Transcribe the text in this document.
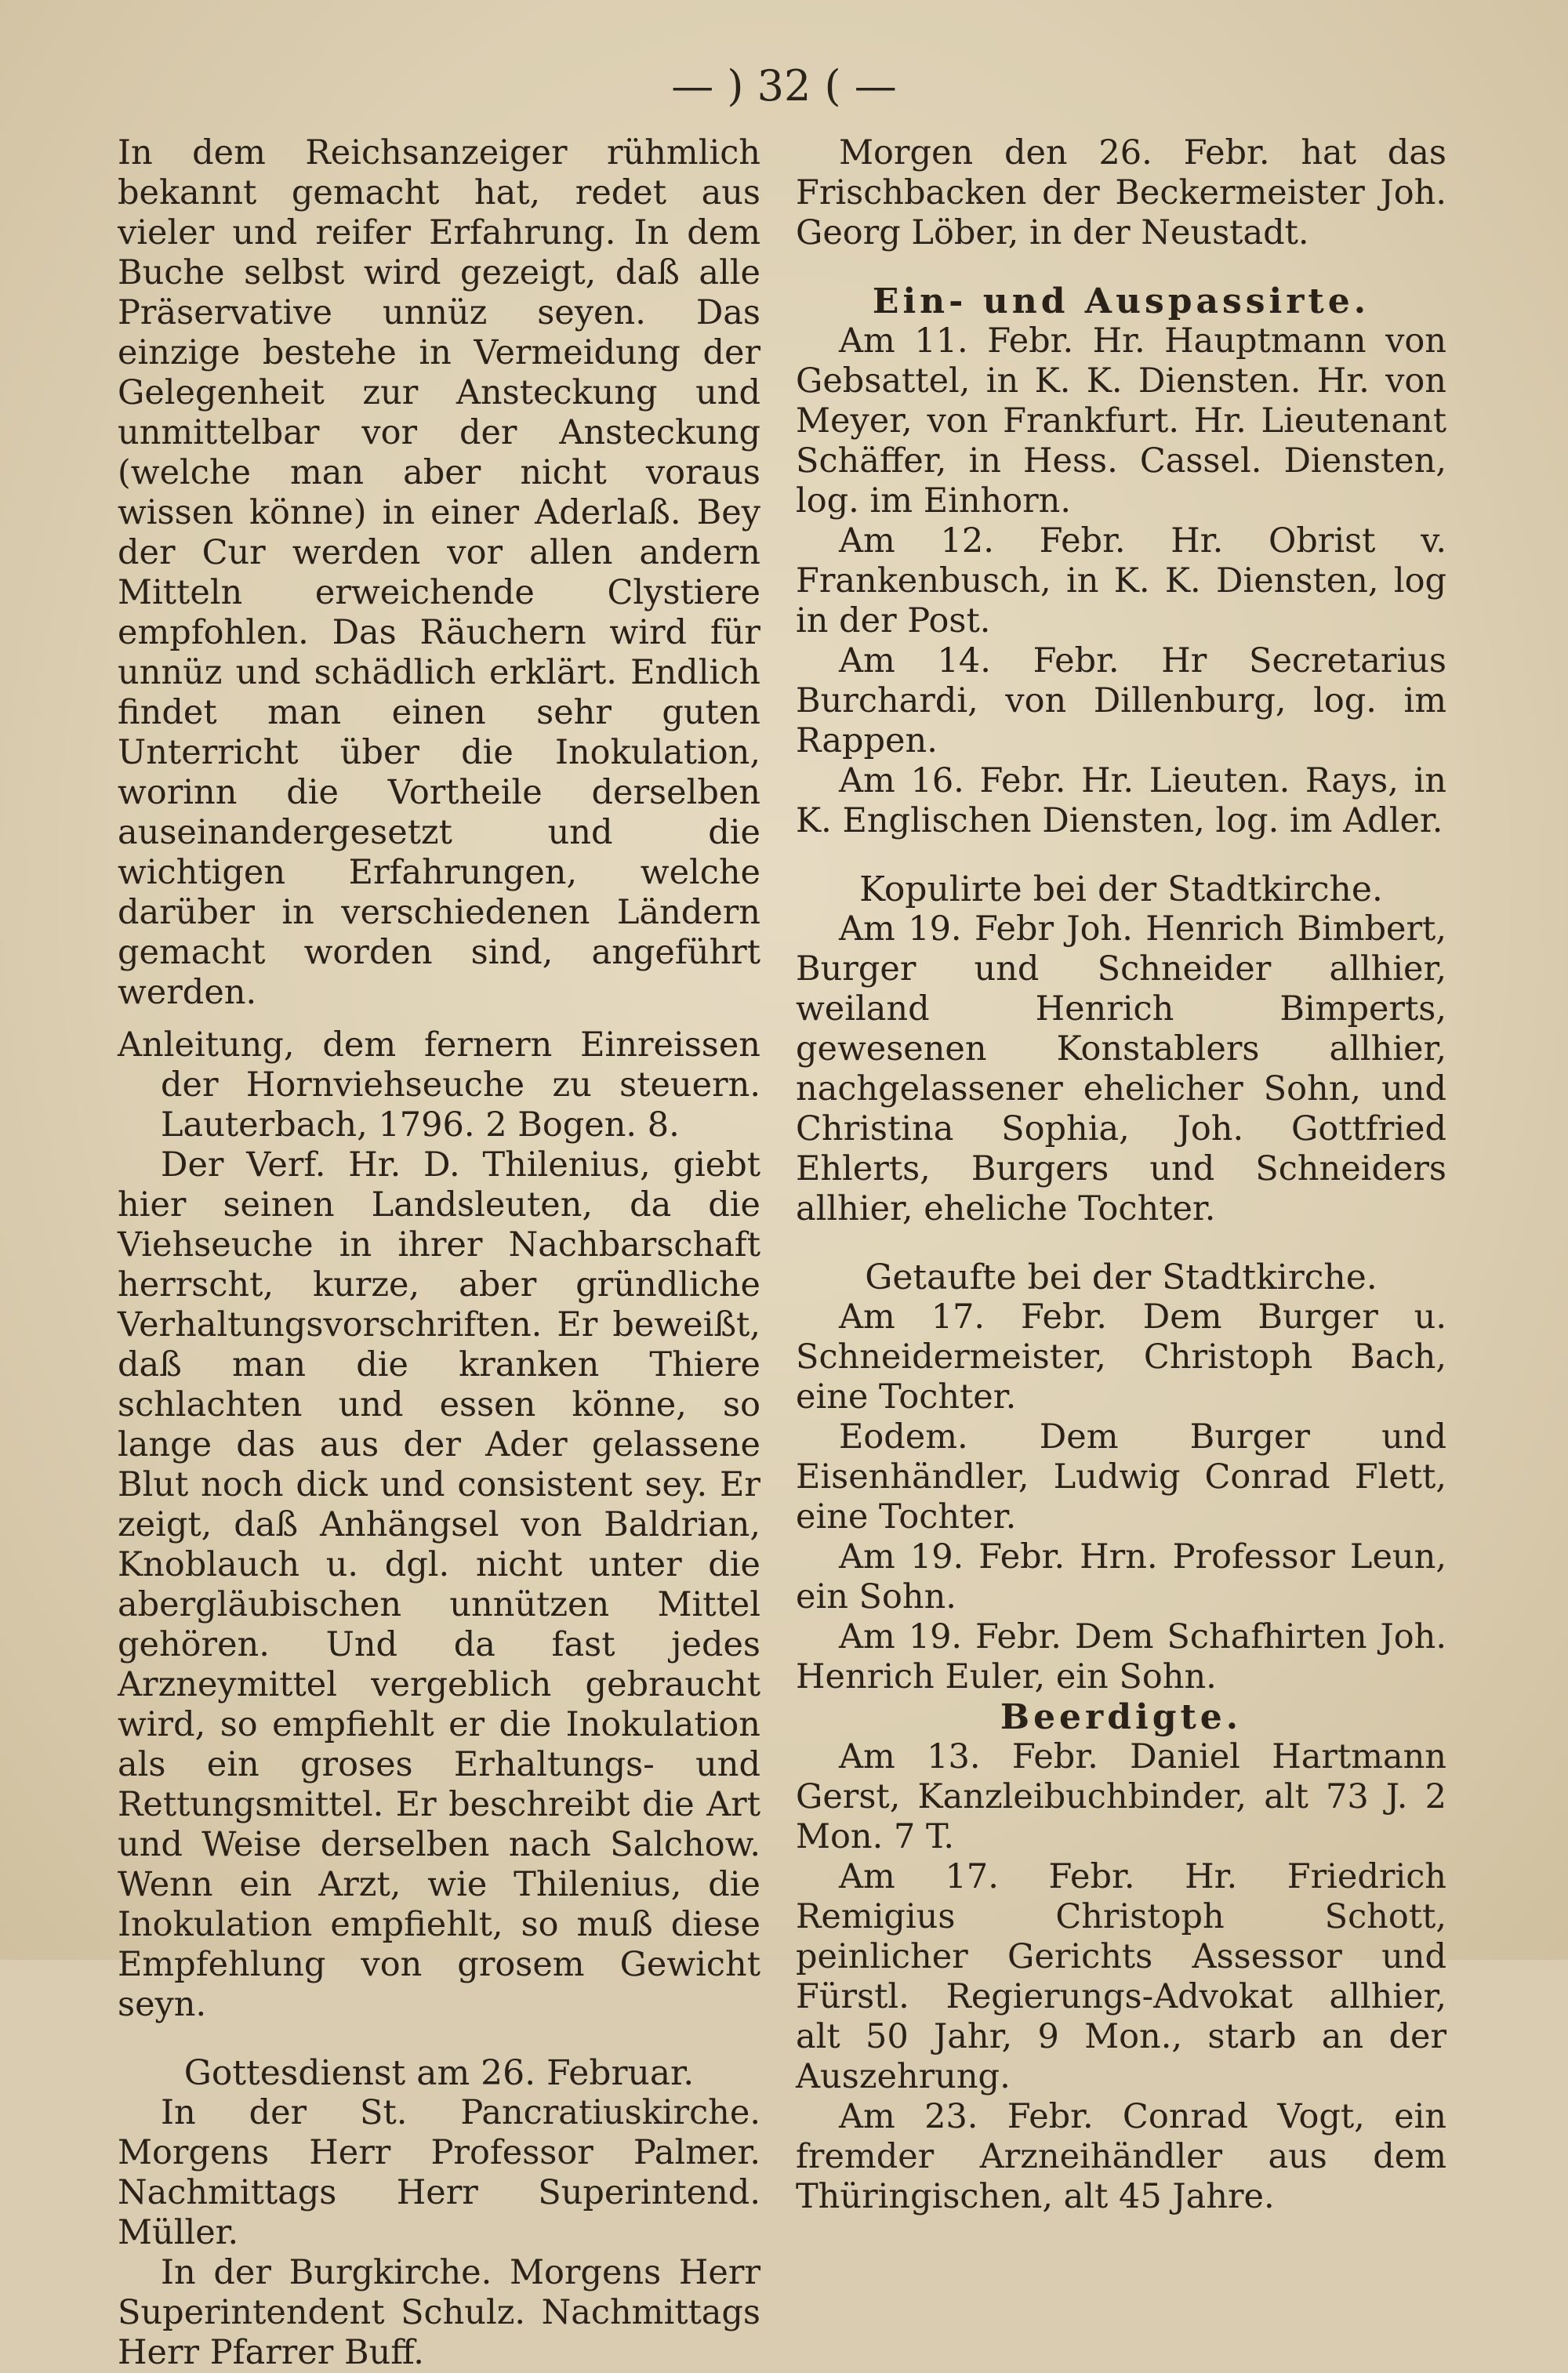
— ) 32 ( —

In dem Reichsanzeiger rühmlich bekannt gemacht hat, redet aus vieler und reifer Erfahrung. In dem Buche selbst wird gezeigt, daß alle Präservative unnüz seyen. Das einzige bestehe in Vermeidung der Gelegenheit zur Ansteckung und unmittelbar vor der Ansteckung (welche man aber nicht voraus wissen könne) in einer Aderlaß. Bey der Cur werden vor allen andern Mitteln erweichende Clystiere empfohlen. Das Räuchern wird für unnüz und schädlich erklärt. Endlich findet man einen sehr guten Unterricht über die Inokulation, worinn die Vortheile derselben auseinandergesetzt und die wichtigen Erfahrungen, welche darüber in verschiedenen Ländern gemacht worden sind, angeführt werden.

Anleitung, dem fernern Einreissen der Hornviehseuche zu steuern. Lauterbach, 1796. 2 Bogen. 8.

Der Verf. Hr. D. Thilenius, giebt hier seinen Landsleuten, da die Viehseuche in ihrer Nachbarschaft herrscht, kurze, aber gründliche Verhaltungsvorschriften. Er beweißt, daß man die kranken Thiere schlachten und essen könne, so lange das aus der Ader gelassene Blut noch dick und consistent sey. Er zeigt, daß Anhängsel von Baldrian, Knoblauch u. dgl. nicht unter die abergläubischen unnützen Mittel gehören. Und da fast jedes Arzneymittel vergeblich gebraucht wird, so empfiehlt er die Inokulation als ein groses Erhaltungs- und Rettungsmittel. Er beschreibt die Art und Weise derselben nach Salchow. Wenn ein Arzt, wie Thilenius, die Inokulation empfiehlt, so muß diese Empfehlung von grosem Gewicht seyn.

Gottesdienst am 26. Februar.

In der St. Pancratiuskirche. Morgens Herr Professor Palmer. Nachmittags Herr Superintend. Müller.

In der Burgkirche. Morgens Herr Superintendent Schulz. Nachmittags Herr Pfarrer Buff.

Morgen den 26. Febr. hat das Frischbacken der Beckermeister Joh. Georg Löber, in der Neustadt.

Ein- und Auspassirte.

Am 11. Febr. Hr. Hauptmann von Gebsattel, in K. K. Diensten. Hr. von Meyer, von Frankfurt. Hr. Lieutenant Schäffer, in Hess. Cassel. Diensten, log. im Einhorn.

Am 12. Febr. Hr. Obrist v. Frankenbusch, in K. K. Diensten, log in der Post.

Am 14. Febr. Hr Secretarius Burchardi, von Dillenburg, log. im Rappen.

Am 16. Febr. Hr. Lieuten. Rays, in K. Englischen Diensten, log. im Adler.

Kopulirte bei der Stadtkirche.

Am 19. Febr Joh. Henrich Bimbert, Burger und Schneider allhier, weiland Henrich Bimperts, gewesenen Konstablers allhier, nachgelassener ehelicher Sohn, und Christina Sophia, Joh. Gottfried Ehlerts, Burgers und Schneiders allhier, eheliche Tochter.

Getaufte bei der Stadtkirche.

Am 17. Febr. Dem Burger u. Schneidermeister, Christoph Bach, eine Tochter.

Eodem. Dem Burger und Eisenhändler, Ludwig Conrad Flett, eine Tochter.

Am 19. Febr. Hrn. Professor Leun, ein Sohn.

Am 19. Febr. Dem Schafhirten Joh. Henrich Euler, ein Sohn.

Beerdigte.

Am 13. Febr. Daniel Hartmann Gerst, Kanzleibuchbinder, alt 73 J. 2 Mon. 7 T.

Am 17. Febr. Hr. Friedrich Remigius Christoph Schott, peinlicher Gerichts Assessor und Fürstl. Regierungs-Advokat allhier, alt 50 Jahr, 9 Mon., starb an der Auszehrung.

Am 23. Febr. Conrad Vogt, ein fremder Arzneihändler aus dem Thüringischen, alt 45 Jahre.
